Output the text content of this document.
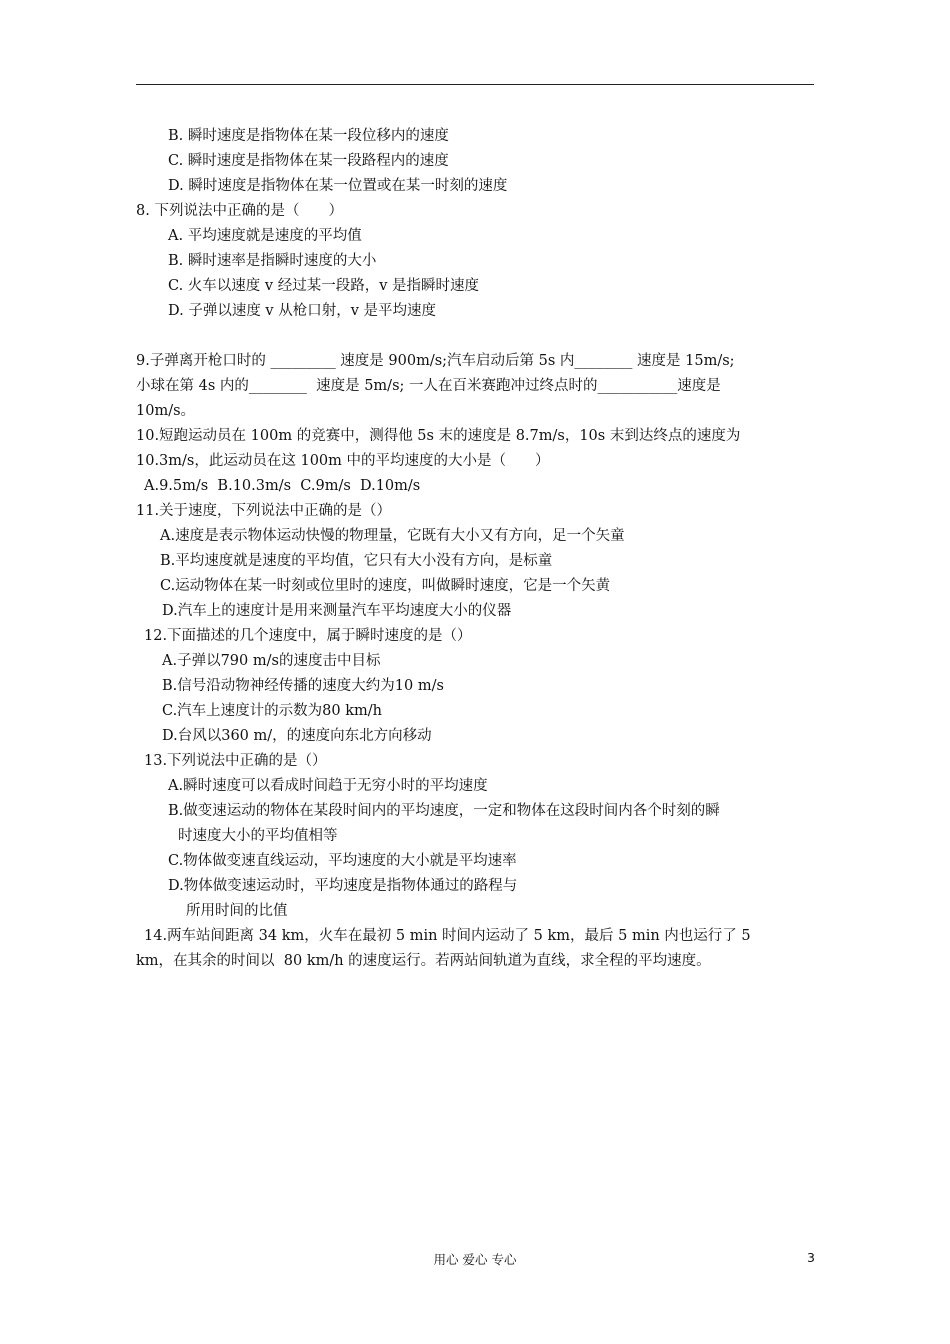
B. 瞬时速度是指物体在某一段位移内的速度
C. 瞬时速度是指物体在某一段路程内的速度
D. 瞬时速度是指物体在某一位置或在某一时刻的速度
8. 下列说法中正确的是（　　）
A. 平均速度就是速度的平均值
B. 瞬时速率是指瞬时速度的大小
C. 火车以速度 v 经过某一段路，v 是指瞬时速度
D. 子弹以速度 v 从枪口射，v 是平均速度
9.子弹离开枪口时的 _________ 速度是 900m/s;汽车启动后第 5s 内________ 速度是 15m/s;
小球在第 4s 内的________  速度是 5m/s; 一人在百米赛跑冲过终点时的___________速度是
10m/s。
10.短跑运动员在 100m 的竞赛中，测得他 5s 末的速度是 8.7m/s，10s 末到达终点的速度为
10.3m/s，此运动员在这 100m 中的平均速度的大小是（　　）
A.9.5m/s  B.10.3m/s  C.9m/s  D.10m/s
11.关于速度，下列说法中正确的是（）
A.速度是表示物体运动快慢的物理量，它既有大小又有方向，足一个矢童
B.平均速度就是速度的平均值，它只有大小没有方向，是标童
C.运动物体在某一时刻或位里时的速度，叫做瞬时速度，它是一个矢黄
D.汽车上的速度计是用来测量汽车平均速度大小的仪器
12.下面描述的几个速度中，属于瞬时速度的是（）
A.子弹以790 m/s的速度击中目标
B.信号沿动物神经传播的速度大约为10 m/s
C.汽车上速度计的示数为80 km/h
D.台风以360 m/，的速度向东北方向移动
13.下列说法中正确的是（）
A.瞬时速度可以看成时间趋于无穷小时的平均速度
B.做变速运动的物体在某段时间内的平均速度，一定和物体在这段时间内各个时刻的瞬
时速度大小的平均值相等
C.物体做变速直线运动，平均速度的大小就是平均速率
D.物体做变速运动时，平均速度是指物体通过的路程与
所用时间的比值
14.两车站间距离 34 km，火车在最初 5 min 时间内运动了 5 km，最后 5 min 内也运行了 5
km，在其余的时间以  80 km/h 的速度运行。若两站间轨道为直线，求全程的平均速度。
用心 爱心 专心	3
